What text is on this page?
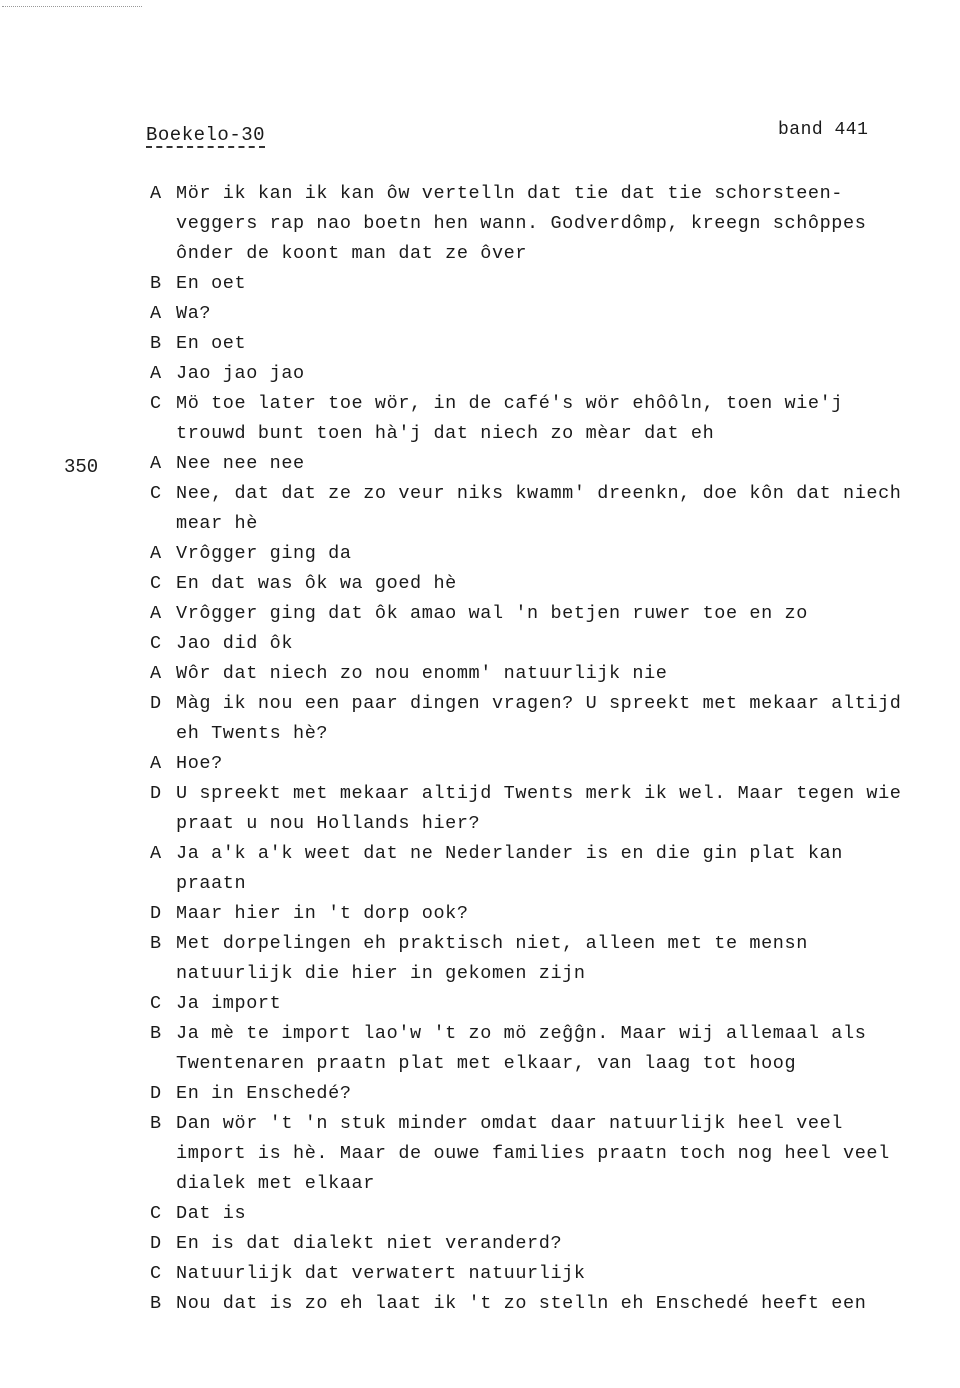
Boekelo-30	band 441
350
A Mör ik kan ik kan ôw vertelln dat tie dat tie schorsteen-veggers rap nao boetn hen wann. Godverdômp, kreegn schôppes ônder de koont man dat ze ôver
B En oet
A Wa?
B En oet
A Jao jao jao
C Mö toe later toe wör, in de café's wör ehôôln, toen wie'j trouwd bunt toen hà'j dat niech zo mèar dat eh
A Nee nee nee
C Nee, dat dat ze zo veur niks kwamm' dreenkn, doe kôn dat niech mear hè
A Vrôgger ging da
C En dat was ôk wa goed hè
A Vrôgger ging dat ôk amao wal 'n betjen ruwer toe en zo
C Jao did ôk
A Wôr dat niech zo nou enomm' natuurlijk nie
D Màg ik nou een paar dingen vragen? U spreekt met mekaar altijd eh Twents hè?
A Hoe?
D U spreekt met mekaar altijd Twents merk ik wel. Maar tegen wie praat u nou Hollands hier?
A Ja a'k a'k weet dat ne Nederlander is en die gin plat kan praatn
D Maar hier in 't dorp ook?
B Met dorpelingen eh praktisch niet, alleen met te mensn natuurlijk die hier in gekomen zijn
C Ja import
B Ja mè te import lao'w 't zo mö zeĝĝn. Maar wij allemaal als Twentenaren praatn plat met elkaar, van laag tot hoog
D En in Enschedé?
B Dan wör 't 'n stuk minder omdat daar natuurlijk heel veel import is hè. Maar de ouwe families praatn toch nog heel veel dialek met elkaar
C Dat is
D En is dat dialekt niet veranderd?
C Natuurlijk dat verwatert natuurlijk
B Nou dat is zo eh laat ik 't zo stelln eh Enschedé heeft een
